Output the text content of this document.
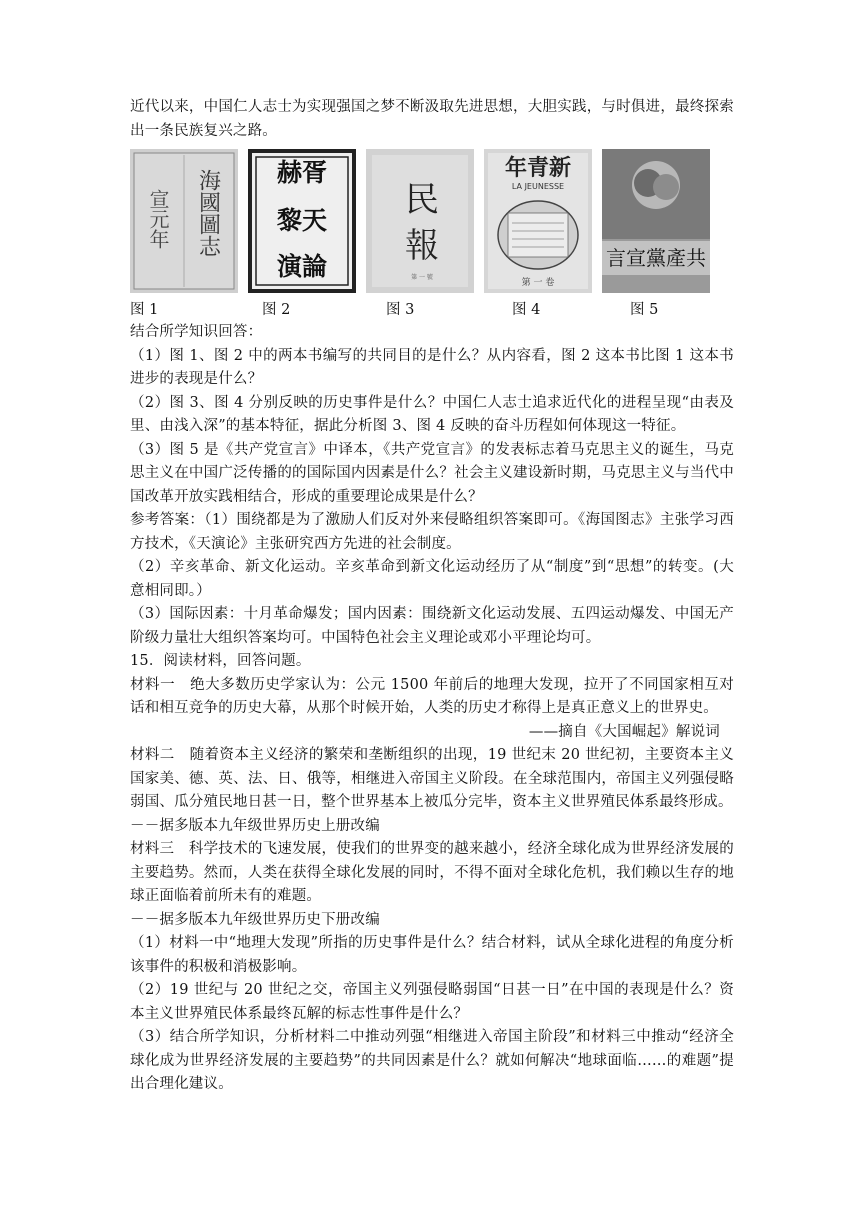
近代以来，中国仁人志士为实现强国之梦不断汲取先进思想，大胆实践，与时俱进，最终探索出一条民族复兴之路。

海國圖志
宣元年
赫胥
黎天
演論
民
報
第 一 號
年青新
LA JEUNESSE
第 一 卷
言宣黨產共
图 1	图 2	图 3	图 4	图 5

结合所学知识回答：

（1）图 1、图 2 中的两本书编写的共同目的是什么？从内容看，图 2 这本书比图 1 这本书进步的表现是什么？

（2）图 3、图 4 分别反映的历史事件是什么？中国仁人志士追求近代化的进程呈现“由表及里、由浅入深”的基本特征，据此分析图 3、图 4 反映的奋斗历程如何体现这一特征。

（3）图 5 是《共产党宣言》中译本，《共产党宣言》的发表标志着马克思主义的诞生，马克思主义在中国广泛传播的的国际国内因素是什么？社会主义建设新时期，马克思主义与当代中国改革开放实践相结合，形成的重要理论成果是什么？

参考答案：（1）围绕都是为了激励人们反对外来侵略组织答案即可。《海国图志》主张学习西方技术，《天演论》主张研究西方先进的社会制度。

（2）辛亥革命、新文化运动。辛亥革命到新文化运动经历了从“制度”到“思想”的转变。(大意相同即。）

（3）国际因素：十月革命爆发；国内因素：围绕新文化运动发展、五四运动爆发、中国无产阶级力量壮大组织答案均可。中国特色社会主义理论或邓小平理论均可。

15．阅读材料，回答问题。

材料一　绝大多数历史学家认为：公元 1500 年前后的地理大发现，拉开了不同国家相互对话和相互竞争的历史大幕，从那个时候开始，人类的历史才称得上是真正意义上的世界史。

——摘自《大国崛起》解说词

材料二　随着资本主义经济的繁荣和垄断组织的出现，19 世纪末 20 世纪初，主要资本主义国家美、德、英、法、日、俄等，相继进入帝国主义阶段。在全球范围内，帝国主义列强侵略弱国、瓜分殖民地日甚一日，整个世界基本上被瓜分完毕，资本主义世界殖民体系最终形成。

－－据多版本九年级世界历史上册改编

材料三　科学技术的飞速发展，使我们的世界变的越来越小，经济全球化成为世界经济发展的主要趋势。然而，人类在获得全球化发展的同时，不得不面对全球化危机，我们赖以生存的地球正面临着前所未有的难题。

－－据多版本九年级世界历史下册改编

（1）材料一中“地理大发现”所指的历史事件是什么？结合材料，试从全球化进程的角度分析该事件的积极和消极影响。

（2）19 世纪与 20 世纪之交，帝国主义列强侵略弱国“日甚一日”在中国的表现是什么？资本主义世界殖民体系最终瓦解的标志性事件是什么？

（3）结合所学知识，分析材料二中推动列强“相继进入帝国主阶段”和材料三中推动“经济全球化成为世界经济发展的主要趋势”的共同因素是什么？就如何解决“地球面临……的难题”提出合理化建议。
